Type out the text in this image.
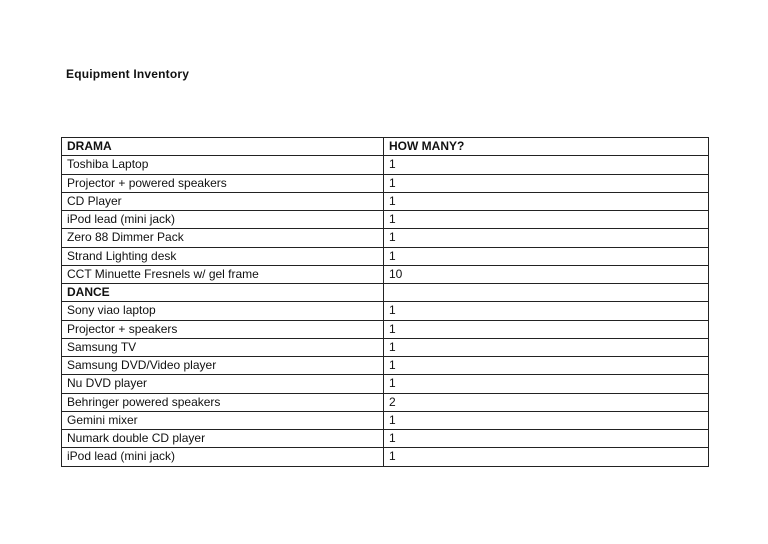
Equipment Inventory
DRAMA	HOW MANY?
Toshiba Laptop	1
Projector + powered speakers	1
CD Player	1
iPod lead (mini jack)	1
Zero 88 Dimmer Pack	1
Strand Lighting desk	1
CCT Minuette Fresnels w/ gel frame	10
DANCE	
Sony viao laptop	1
Projector + speakers	1
Samsung TV	1
Samsung DVD/Video player	1
Nu DVD player	1
Behringer powered speakers	2
Gemini mixer	1
Numark double CD player	1
iPod lead (mini jack)	1
